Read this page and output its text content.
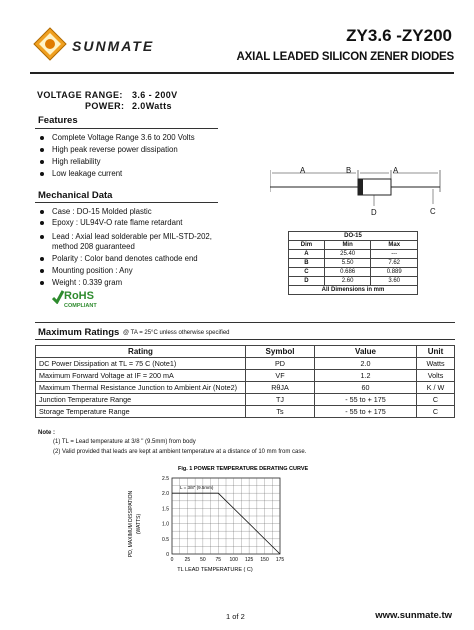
SUNMATE
ZY3.6 -ZY200
AXIAL LEADED SILICON ZENER DIODES
VOLTAGE RANGE: 3.6 - 200V
POWER: 2.0Watts
Features
Complete Voltage Range 3.6 to 200 Volts
High peak reverse power dissipation
High reliability
Low leakage current
Mechanical Data
Case : DO-15 Molded plastic
Epoxy : UL94V-O rate flame retardant
Lead : Axial lead solderable per MIL-STD-202,
method 208 guaranteed
Polarity : Color band denotes cathode end
Mounting position : Any
Weight : 0.339 gram
RoHS
COMPLIANT
A	B	A
D	C
DO-15		
Dim	Min	Max
A	25.40	---
B	5.50	7.62
C	0.686	0.889
D	2.60	3.60
All Dimensions in mm		
Maximum Ratings @ TA = 25°C unless otherwise specified
Rating	Symbol	Value	Unit
DC Power Dissipation at TL = 75 C (Note1)	PD	2.0	Watts
Maximum Forward Voltage at IF = 200 mA	VF	1.2	Volts
Maximum Thermal Resistance Junction to Ambient Air (Note2)	RθJA	60	K / W
Junction Temperature Range	TJ	- 55 to + 175	C
Storage Temperature Range	Ts	- 55 to + 175	C
Note :
(1) TL = Lead temperature at 3/8 " (9.5mm) from body
(2) Valid provided that leads are kept at ambient temperature at a distance of 10 mm from case.
Fig. 1 POWER TEMPERATURE DERATING CURVE
0 25 50 75 100 125 150 175
0
0.5
1.0
1.5
2.0
2.5
L = 3/8" (9.5mm)
TL LEAD TEMPERATURE ( C)
PD, MAXIMUM DISSIPATION (WATTS)
1 of 2	www.sunmate.tw
